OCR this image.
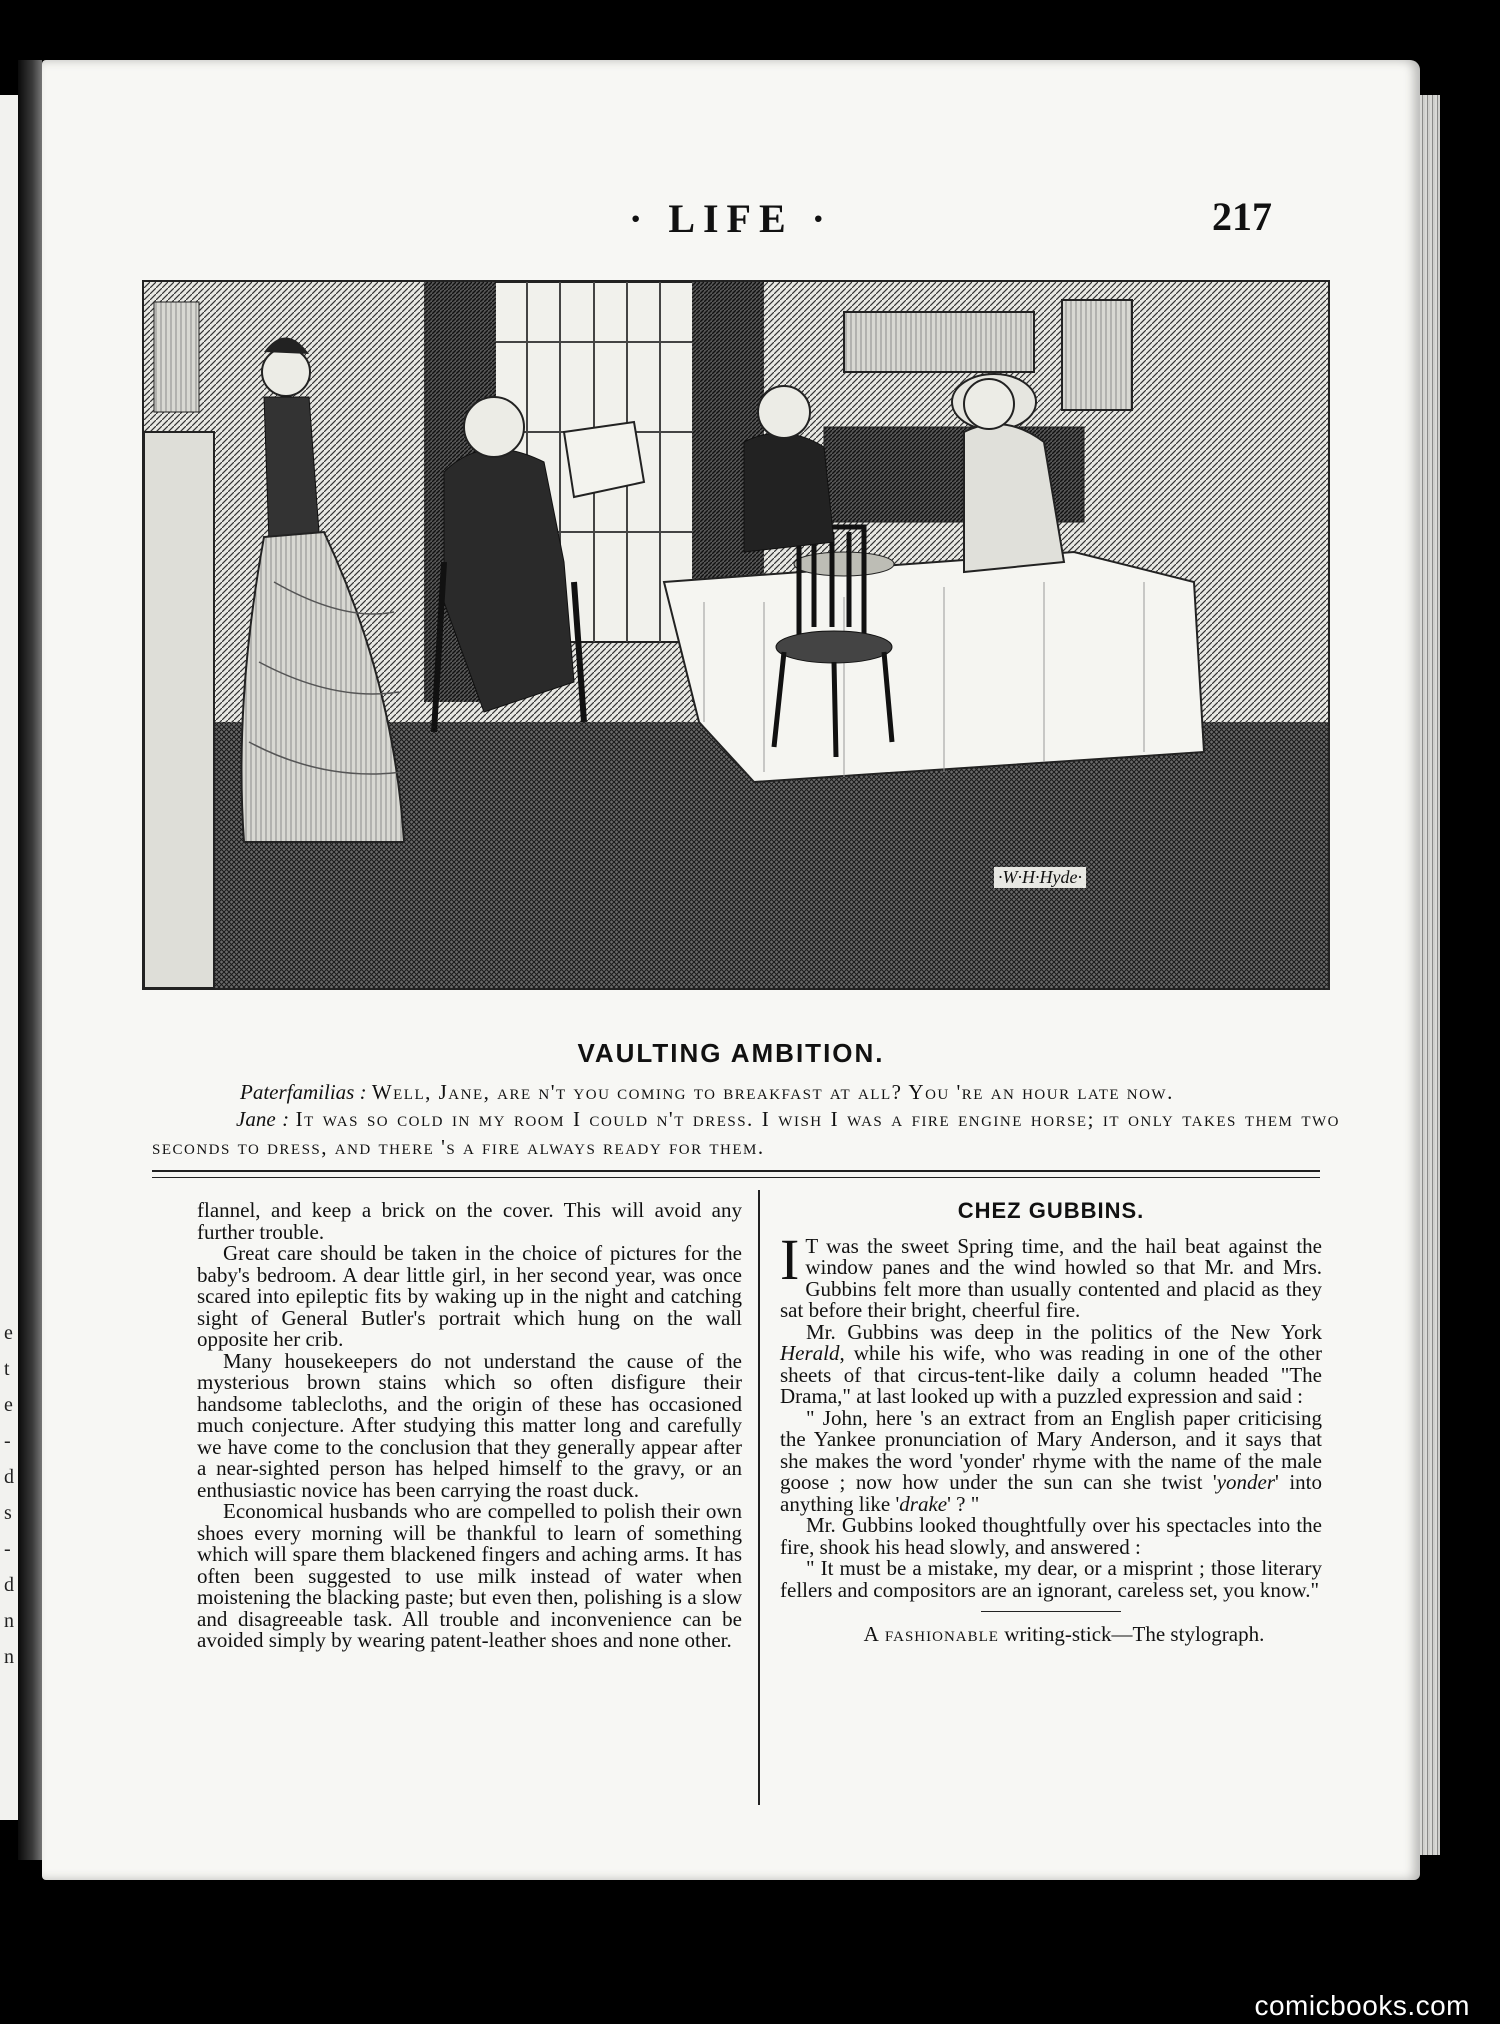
e
t
e
-
d
s
-
d
n
n
· LIFE ·	217
·W·H·Hyde·
VAULTING AMBITION.
Paterfamilias : Well, Jane, are n't you coming to breakfast at all? You 're an hour late now.
Jane : It was so cold in my room I could n't dress. I wish I was a fire engine horse; it only takes them two seconds to dress, and there 's a fire always ready for them.

flannel, and keep a brick on the cover. This will avoid any further trouble.

Great care should be taken in the choice of pictures for the baby's bedroom. A dear little girl, in her second year, was once scared into epileptic fits by waking up in the night and catching sight of General Butler's portrait which hung on the wall opposite her crib.

Many housekeepers do not understand the cause of the mysterious brown stains which so often disfigure their handsome tablecloths, and the origin of these has occasioned much conjecture. After studying this matter long and carefully we have come to the conclusion that they generally appear after a near-sighted person has helped himself to the gravy, or an enthusiastic novice has been carrying the roast duck.

Economical husbands who are compelled to polish their own shoes every morning will be thankful to learn of something which will spare them blackened fingers and aching arms. It has often been suggested to use milk instead of water when moistening the blacking paste; but even then, polishing is a slow and disagreeable task. All trouble and inconvenience can be avoided simply by wearing patent-leather shoes and none other.

CHEZ GUBBINS.

I T was the sweet Spring time, and the hail beat against the window panes and the wind howled so that Mr. and Mrs. Gubbins felt more than usually contented and placid as they sat before their bright, cheerful fire.

Mr. Gubbins was deep in the politics of the New York Herald, while his wife, who was reading in one of the other sheets of that circus-tent-like daily a column headed "The Drama," at last looked up with a puzzled expression and said :

" John, here 's an extract from an English paper criticising the Yankee pronunciation of Mary Anderson, and it says that she makes the word 'yonder' rhyme with the name of the male goose ; now how under the sun can she twist 'yonder' into anything like 'drake' ? "

Mr. Gubbins looked thoughtfully over his spectacles into the fire, shook his head slowly, and answered :

" It must be a mistake, my dear, or a misprint ; those literary fellers and compositors are an ignorant, careless set, you know."

A fashionable writing-stick—The stylograph.

comicbooks.com
